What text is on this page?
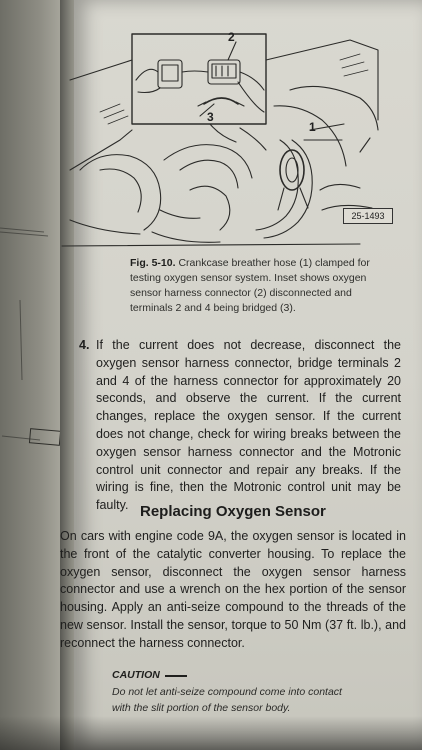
2
1
3
25-1493
Fig. 5-10. Crankcase breather hose (1) clamped for testing oxygen sensor system. Inset shows oxygen sensor harness connector (2) disconnected and terminals 2 and 4 being bridged (3).
4. If the current does not decrease, disconnect the oxygen sensor harness connector, bridge terminals 2 and 4 of the harness connector for approximately 20 seconds, and observe the current. If the current changes, replace the oxygen sensor. If the current does not change, check for wiring breaks between the oxygen sensor harness connector and the Motronic control unit connector and repair any breaks. If the wiring is fine, then the Motronic control unit may be faulty. Replacing Oxygen Sensor
On cars with engine code 9A, the oxygen sensor is located in the front of the catalytic converter housing. To replace the oxygen sensor, disconnect the oxygen sensor harness connector and use a wrench on the hex portion of the sensor housing. Apply an anti-seize compound to the threads of the new sensor. Install the sensor, torque to 50 Nm (37 ft. lb.), and reconnect the harness connector.
CAUTION
Do not let anti-seize compound come into contact with the slit portion of the sensor body.
